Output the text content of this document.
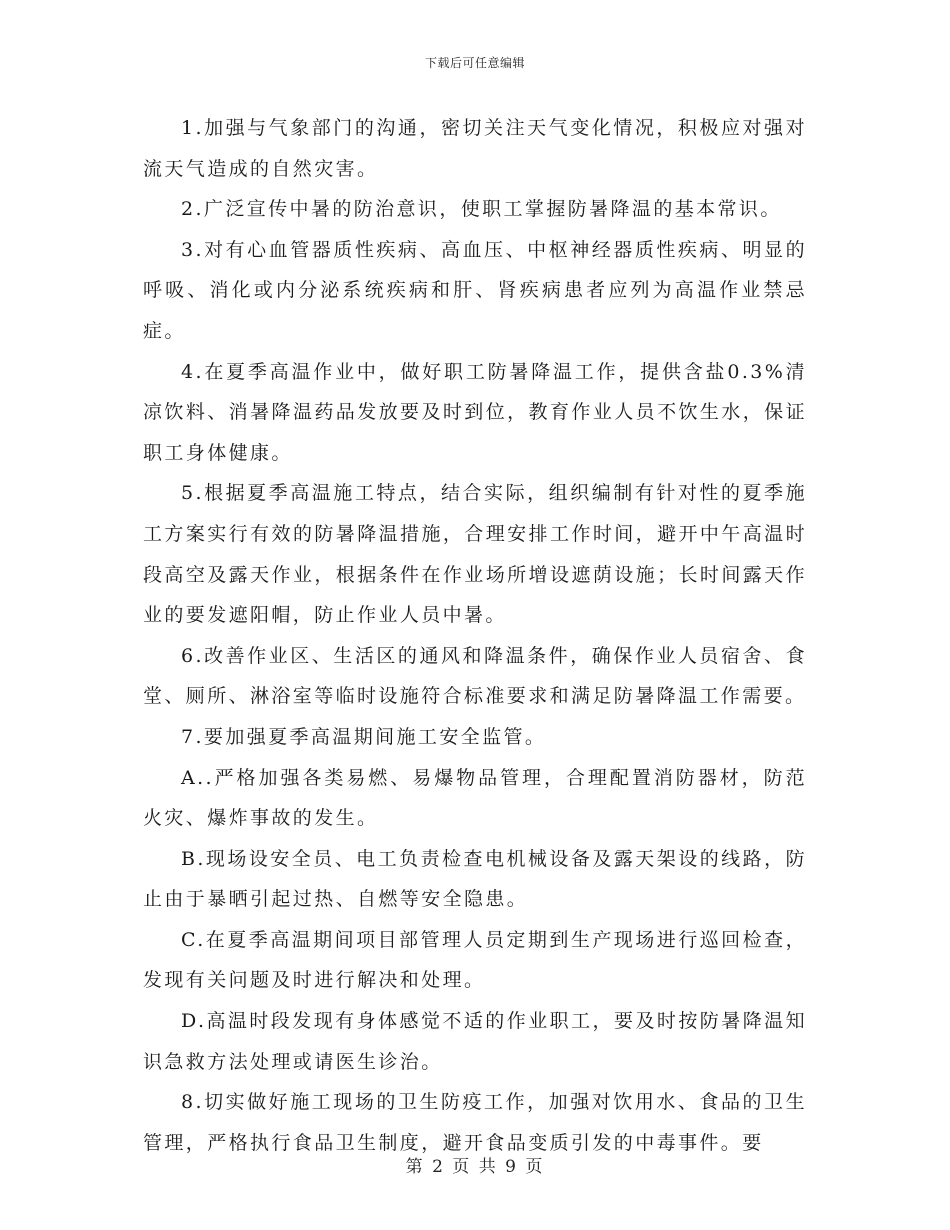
下载后可任意编辑

1.加强与气象部门的沟通，密切关注天气变化情况，积极应对强对流天气造成的自然灾害。

2.广泛宣传中暑的防治意识，使职工掌握防暑降温的基本常识。

3.对有心血管器质性疾病、高血压、中枢神经器质性疾病、明显的呼吸、消化或内分泌系统疾病和肝、肾疾病患者应列为高温作业禁忌症。

4.在夏季高温作业中，做好职工防暑降温工作，提供含盐0.3%清凉饮料、消暑降温药品发放要及时到位，教育作业人员不饮生水，保证职工身体健康。

5.根据夏季高温施工特点，结合实际，组织编制有针对性的夏季施工方案实行有效的防暑降温措施，合理安排工作时间，避开中午高温时段高空及露天作业，根据条件在作业场所增设遮荫设施；长时间露天作业的要发遮阳帽，防止作业人员中暑。

6.改善作业区、生活区的通风和降温条件，确保作业人员宿舍、食堂、厕所、淋浴室等临时设施符合标准要求和满足防暑降温工作需要。

7.要加强夏季高温期间施工安全监管。

A..严格加强各类易燃、易爆物品管理，合理配置消防器材，防范火灾、爆炸事故的发生。

B.现场设安全员、电工负责检查电机械设备及露天架设的线路，防止由于暴晒引起过热、自燃等安全隐患。

C.在夏季高温期间项目部管理人员定期到生产现场进行巡回检查，发现有关问题及时进行解决和处理。

D.高温时段发现有身体感觉不适的作业职工，要及时按防暑降温知识急救方法处理或请医生诊治。

8.切实做好施工现场的卫生防疫工作，加强对饮用水、食品的卫生管理，严格执行食品卫生制度，避开食品变质引发的中毒事件。要

第 2 页 共 9 页
